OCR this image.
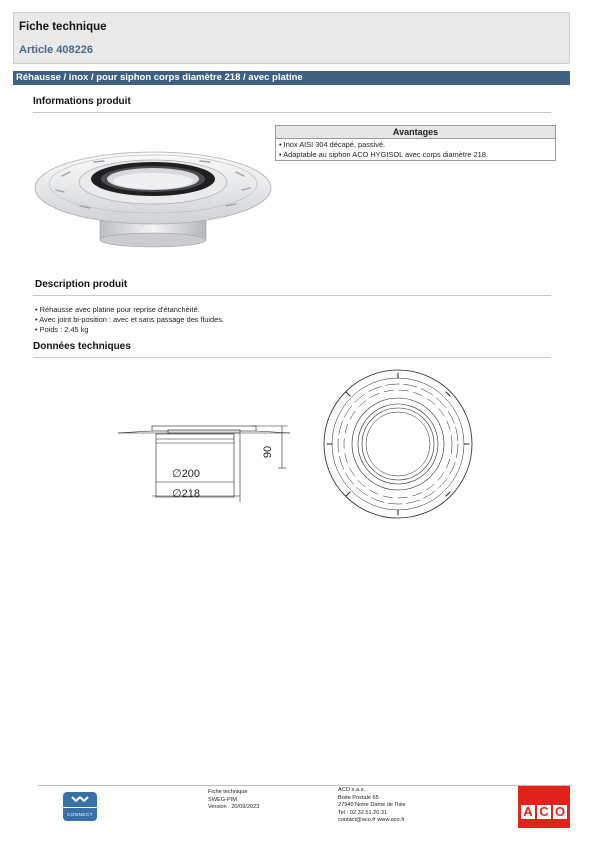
Fiche technique
Article 408226
Réhausse / inox / pour siphon corps diamètre 218 / avec platine
Informations produit
Avantages
• Inox AISI 304 décapé, passivé.
• Adaptable au siphon ACO HYGISOL avec corps diamètre 218.
Description produit
• Réhausse avec platine pour reprise d'étanchéité.
• Avec joint bi-position : avec et sans passage des fluides.
• Poids : 2.45 kg
Données techniques
∅200
∅218
90
CONNECT
Fiche technique
SWEG-PIM
Version : 20/09/2023
ACO s.a.s.
Boite Postale 65
27940 Notre Dame de l'Isle
Tel : 02.32.51.20.31
contact@aco.fr www.aco.fr
A C O
